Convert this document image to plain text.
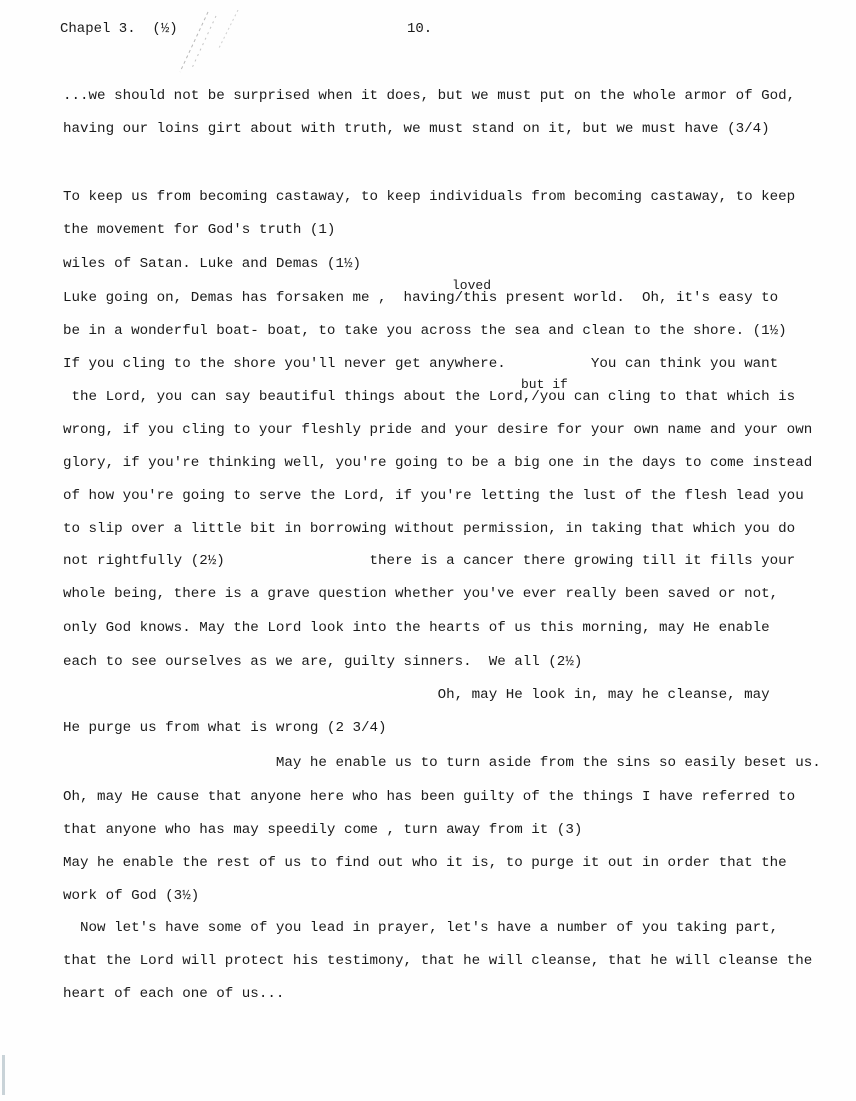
Chapel 3.  (½)	10.
loved
but if
...we should not be surprised when it does, but we must put on the whole armor of God,
having our loins girt about with truth, we must stand on it, but we must have (3/4)
To keep us from becoming castaway, to keep individuals from becoming castaway, to keep
the movement for God's truth (1)
wiles of Satan. Luke and Demas (1½)
Luke going on, Demas has forsaken me ,  having/this present world.  Oh, it's easy to
be in a wonderful boat- boat, to take you across the sea and clean to the shore. (1½)
If you cling to the shore you'll never get anywhere.          You can think you want
the Lord, you can say beautiful things about the Lord,/you can cling to that which is
wrong, if you cling to your fleshly pride and your desire for your own name and your own
glory, if you're thinking well, you're going to be a big one in the days to come instead
of how you're going to serve the Lord, if you're letting the lust of the flesh lead you
to slip over a little bit in borrowing without permission, in taking that which you do
not rightfully (2½)                 there is a cancer there growing till it fills your
whole being, there is a grave question whether you've ever really been saved or not,
only God knows. May the Lord look into the hearts of us this morning, may He enable
each to see ourselves as we are, guilty sinners.  We all (2½)
Oh, may He look in, may he cleanse, may
He purge us from what is wrong (2 3/4)
May he enable us to turn aside from the sins so easily beset us.
Oh, may He cause that anyone here who has been guilty of the things I have referred to
that anyone who has may speedily come , turn away from it (3)
May he enable the rest of us to find out who it is, to purge it out in order that the
work of God (3½)
Now let's have some of you lead in prayer, let's have a number of you taking part,
that the Lord will protect his testimony, that he will cleanse, that he will cleanse the
heart of each one of us...
